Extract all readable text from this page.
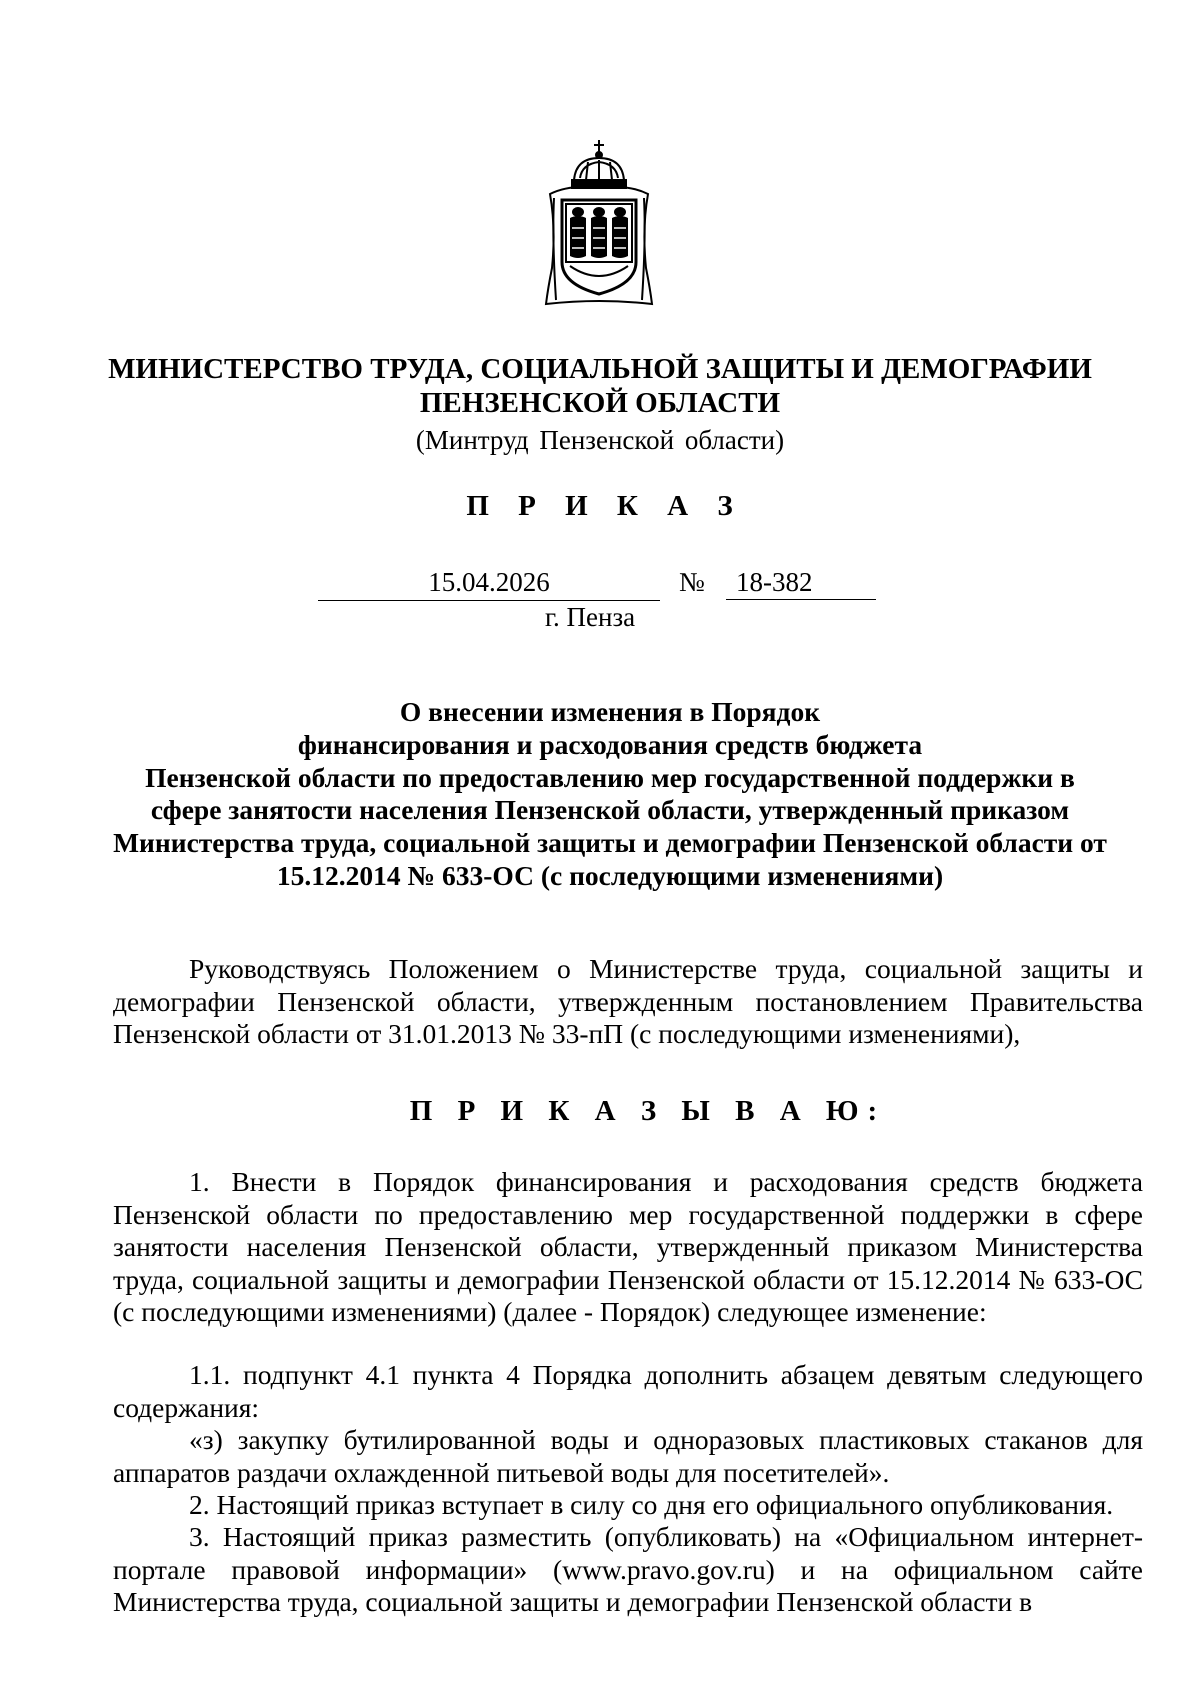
МИНИСТЕРСТВО ТРУДА, СОЦИАЛЬНОЙ ЗАЩИТЫ И ДЕМОГРАФИИ
ПЕНЗЕНСКОЙ ОБЛАСТИ
(Минтруд Пензенской области)
П Р И К А З
15.04.2026	№	18-382
г. Пенза
О внесении изменения в Порядок
финансирования и расходования средств бюджета
Пензенской области по предоставлению мер государственной поддержки в
сфере занятости населения Пензенской области, утвержденный приказом
Министерства труда, социальной защиты и демографии Пензенской области от
15.12.2014 № 633-ОС (с последующими изменениями)
Руководствуясь Положением о Министерстве труда, социальной защиты и демографии Пензенской области, утвержденным постановлением Правительства Пензенской области от 31.01.2013 № 33-пП (с последующими изменениями),
П Р И К А З Ы В А Ю:
1. Внести в Порядок финансирования и расходования средств бюджета Пензенской области по предоставлению мер государственной поддержки в сфере занятости населения Пензенской области, утвержденный приказом Министерства труда, социальной защиты и демографии Пензенской области от 15.12.2014 № 633-ОС (с последующими изменениями) (далее - Порядок) следующее изменение:
1.1. подпункт 4.1 пункта 4 Порядка дополнить абзацем девятым следующего содержания:
«з) закупку бутилированной воды и одноразовых пластиковых стаканов для аппаратов раздачи охлажденной питьевой воды для посетителей».
2. Настоящий приказ вступает в силу со дня его официального опубликования.
3. Настоящий приказ разместить (опубликовать) на «Официальном интернет-портале правовой информации» (www.pravo.gov.ru) и на официальном сайте Министерства труда, социальной защиты и демографии Пензенской области в
